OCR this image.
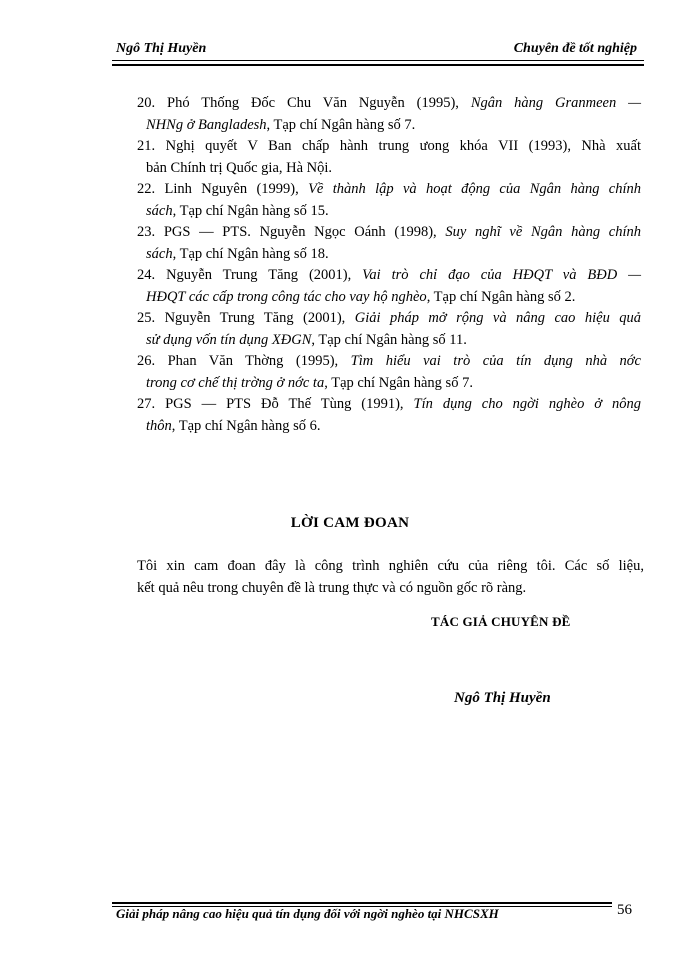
Ngô Thị Huyền	Chuyên đề tốt nghiệp
20. Phó Thống Đốc Chu Văn Nguyễn (1995), Ngân hàng Granmeen —
NHNg ở Bangladesh, Tạp chí Ngân hàng số 7.
21. Nghị quyết V Ban chấp hành trung ưong khóa VII (1993), Nhà xuất
bản Chính trị Quốc gia, Hà Nội.
22. Linh Nguyên (1999), Về thành lập và hoạt động của Ngân hàng chính
sách, Tạp chí Ngân hàng số 15.
23. PGS — PTS. Nguyễn Ngọc Oánh (1998), Suy nghĩ về Ngân hàng chính
sách, Tạp chí Ngân hàng số 18.
24. Nguyễn Trung Tăng (2001), Vai trò chỉ đạo của HĐQT và BĐD —
HĐQT các cấp trong công tác cho vay hộ nghèo, Tạp chí Ngân hàng số 2.
25. Nguyễn Trung Tăng (2001), Giải pháp mở rộng và nâng cao hiệu quả
sử dụng vốn tín dụng XĐGN, Tạp chí Ngân hàng số 11.
26. Phan Văn Thờng (1995), Tìm hiểu vai trò của tín dụng nhà nớc
trong cơ chế thị trờng ở nớc ta, Tạp chí Ngân hàng số 7.
27. PGS — PTS Đỗ Thế Tùng (1991), Tín dụng cho ngời nghèo ở nông
thôn, Tạp chí Ngân hàng số 6.
LỜI CAM ĐOAN
Tôi xin cam đoan đây là công trình nghiên cứu của riêng tôi. Các số liệu,
kết quả nêu trong chuyên đề là trung thực và có nguồn gốc rõ ràng.
TÁC GIẢ CHUYÊN ĐỀ
Ngô Thị Huyền
Giải pháp nâng cao hiệu quả tín dụng đối với ngời nghèo tại NHCSXH	56
